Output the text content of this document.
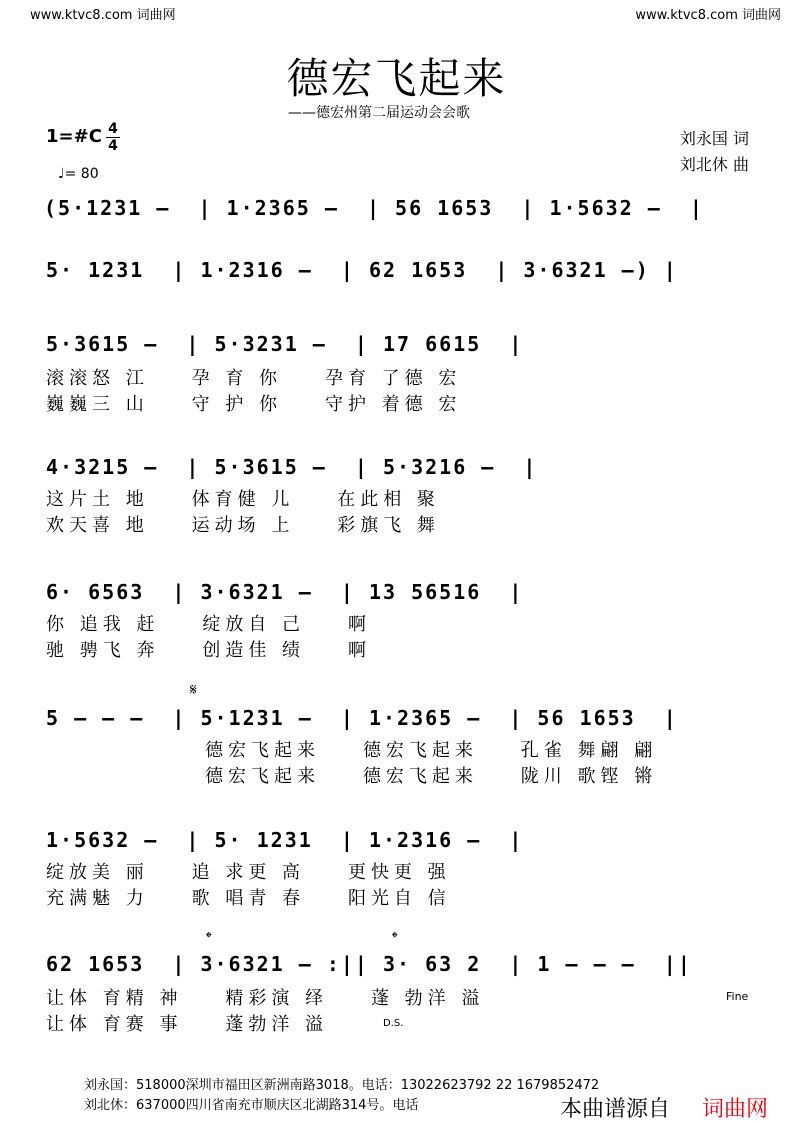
www.ktvc8.com 词曲网	www.ktvc8.com 词曲网
德宏飞起来
——德宏州第二届运动会会歌
刘永国 词
刘北休 曲
1=#C 4
4
♩= 80
(5·1231 –  | 1·2365 –  | 56 1653  | 1·5632 –  |
5· 1231  | 1·2316 –  | 62 1653  | 3·6321 –) |
5·3615 –  | 5·3231 –  | 17 6615  |
滚滚怒 江    孕 育 你    孕育 了德 宏
巍巍三 山    守 护 你    守护 着德 宏
4·3215 –  | 5·3615 –  | 5·3216 –  |
这片土 地    体育健 儿    在此相 聚
欢天喜 地    运动场 上    彩旗飞 舞
6· 6563  | 3·6321 –  | 13 56516  |
你 追我 赶    绽放自 己    啊
驰 骋飞 奔    创造佳 绩    啊
𝄋
5 – – –  | 5·1231 –  | 1·2365 –  | 56 1653  |
德宏飞起来    德宏飞起来    孔雀 舞翩 翩
德宏飞起来    德宏飞起来    陇川 歌铿 锵
1·5632 –  | 5· 1231  | 1·2316 –  |
绽放美 丽    追 求更 高    更快更 强
充满魅 力    歌 唱青 春    阳光自 信
𝄌	𝄌
62 1653  | 3·6321 – :|| 3· 63 2  | 1 – – –  ||
让体 育精 神    精彩演 绎    蓬 勃洋 溢
让体 育赛 事    蓬勃洋 溢
Fine
D.S.
刘永国：518000深圳市福田区新洲南路3018。电话：13022623792 22 1679852472
刘北休：637000四川省南充市顺庆区北湖路314号。电话	本曲谱源自 词曲网
